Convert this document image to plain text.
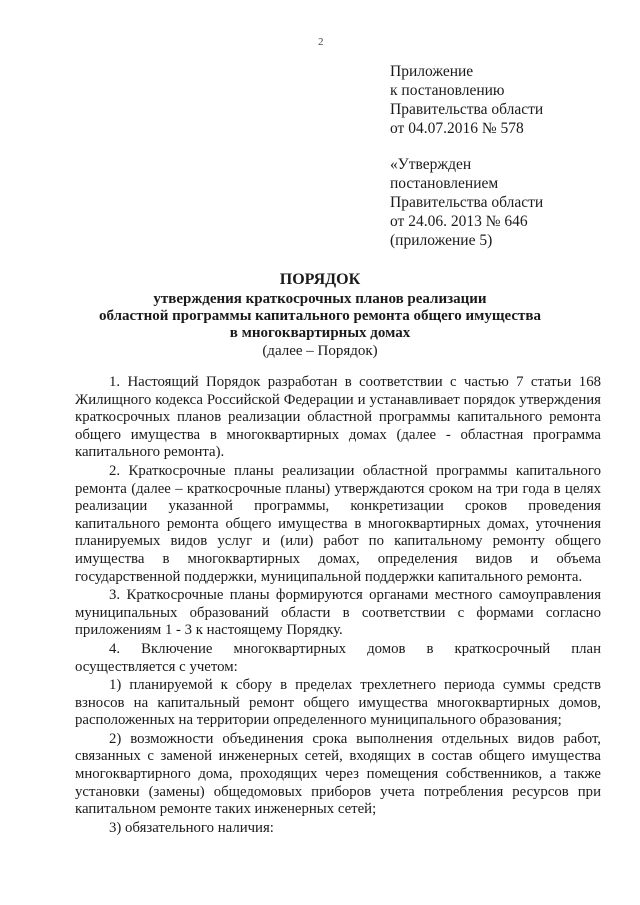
2
Приложение
к постановлению
Правительства области
от 04.07.2016 № 578
«Утвержден
постановлением
Правительства области
от 24.06. 2013 № 646
(приложение 5)
ПОРЯДОК
утверждения краткосрочных планов реализации
областной программы капитального ремонта общего имущества
в многоквартирных домах
(далее – Порядок)

1. Настоящий Порядок разработан в соответствии с частью 7 статьи 168 Жилищного кодекса Российской Федерации и устанавливает порядок утверждения краткосрочных планов реализации областной программы капитального ремонта общего имущества в многоквартирных домах (далее - областная программа капитального ремонта).

2. Краткосрочные планы реализации областной программы капитального ремонта (далее – краткосрочные планы) утверждаются сроком на три года в целях реализации указанной программы, конкретизации сроков проведения капитального ремонта общего имущества в многоквартирных домах, уточнения планируемых видов услуг и (или) работ по капитальному ремонту общего имущества в многоквартирных домах, определения видов и объема государственной поддержки, муниципальной поддержки капитального ремонта.

3. Краткосрочные планы формируются органами местного самоуправления муниципальных образований области в соответствии с формами согласно приложениям 1 - 3 к настоящему Порядку.

4. Включение многоквартирных домов в краткосрочный план осуществляется с учетом:

1) планируемой к сбору в пределах трехлетнего периода суммы средств взносов на капитальный ремонт общего имущества многоквартирных домов, расположенных на территории определенного муниципального образования;

2) возможности объединения срока выполнения отдельных видов работ, связанных с заменой инженерных сетей, входящих в состав общего имущества многоквартирного дома, проходящих через помещения собственников, а также установки (замены) общедомовых приборов учета потребления ресурсов при капитальном ремонте таких инженерных сетей;

3) обязательного наличия:
